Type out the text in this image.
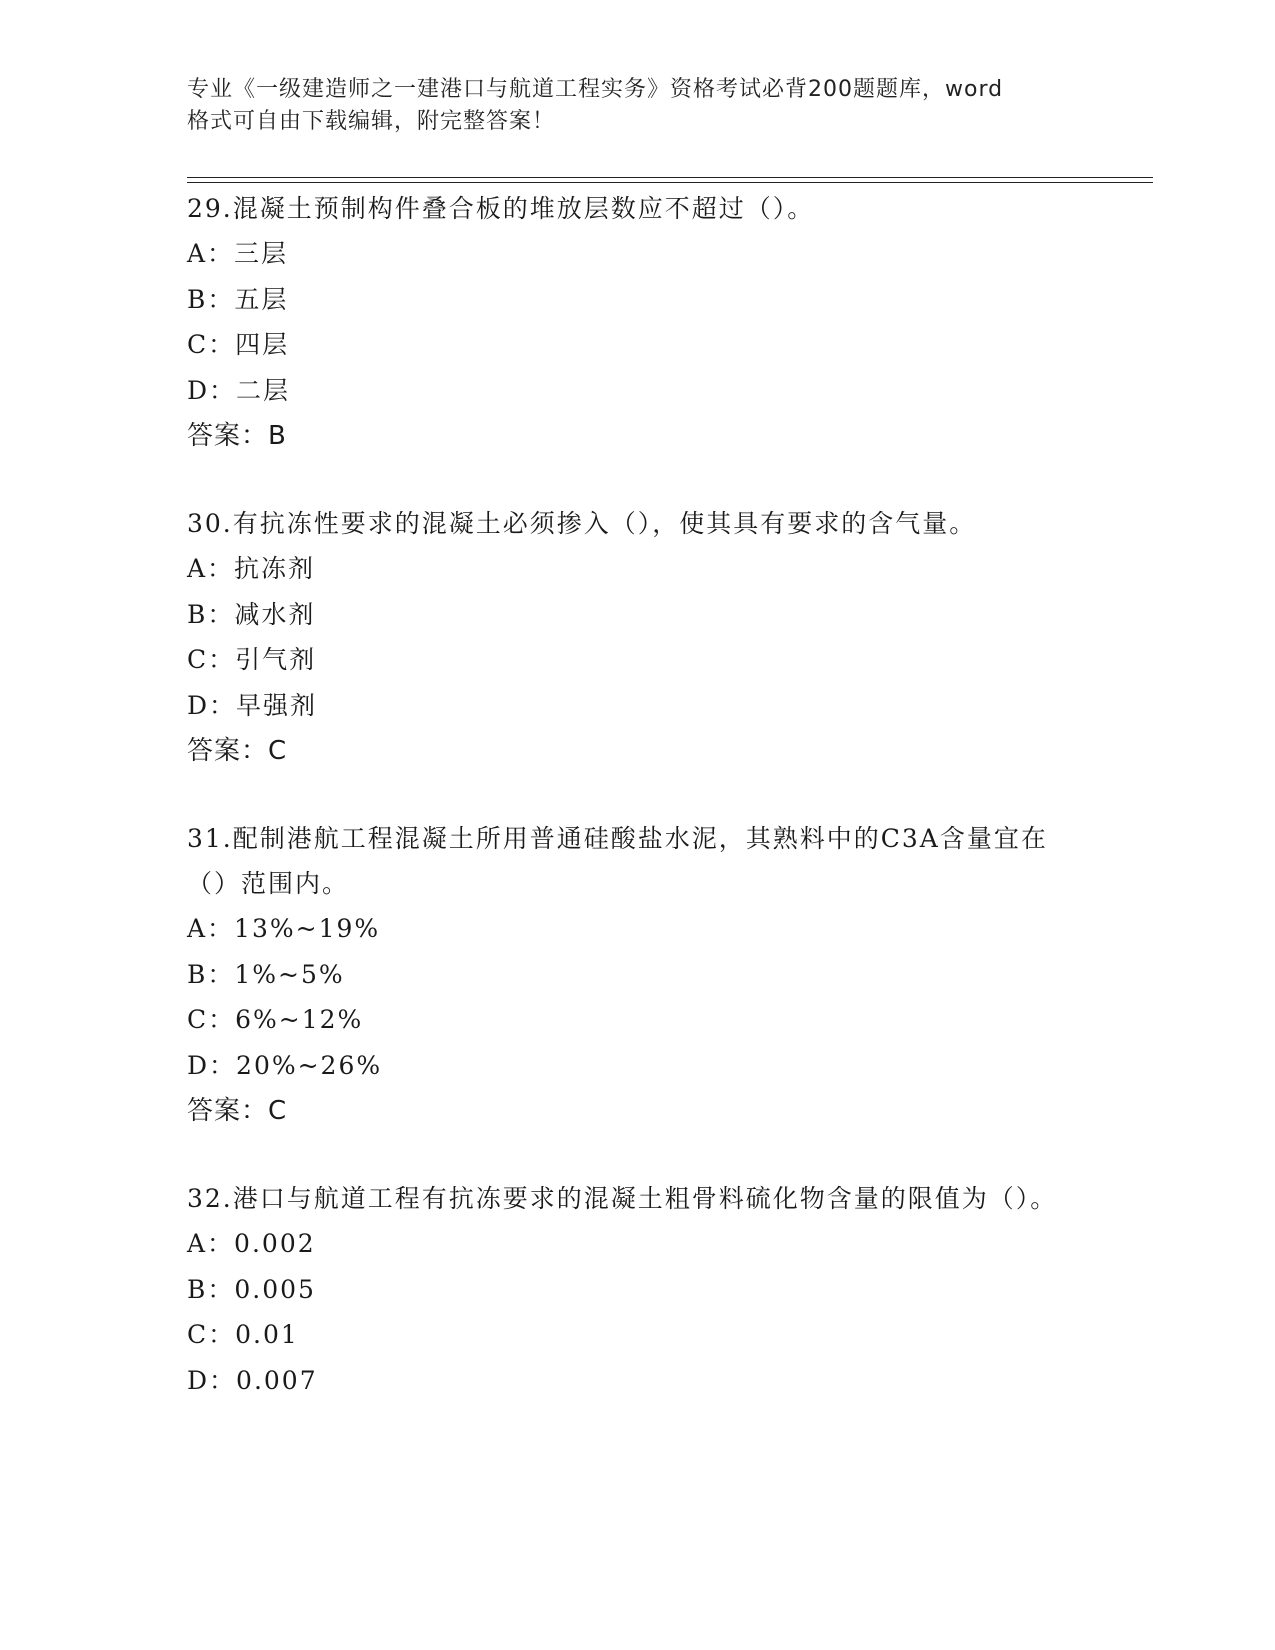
专业《一级建造师之一建港口与航道工程实务》资格考试必背200题题库，word
格式可自由下载编辑，附完整答案！

29.混凝土预制构件叠合板的堆放层数应不超过（）。

A：三层
B：五层
C：四层
D：二层
答案：B

30.有抗冻性要求的混凝土必须掺入（），使其具有要求的含气量。

A：抗冻剂
B：减水剂
C：引气剂
D：早强剂
答案：C

31.配制港航工程混凝土所用普通硅酸盐水泥，其熟料中的C3A含量宜在（）范围内。

A：13%~19%
B：1%~5%
C：6%~12%
D：20%~26%
答案：C

32.港口与航道工程有抗冻要求的混凝土粗骨料硫化物含量的限值为（）。

A：0.002
B：0.005
C：0.01
D：0.007
